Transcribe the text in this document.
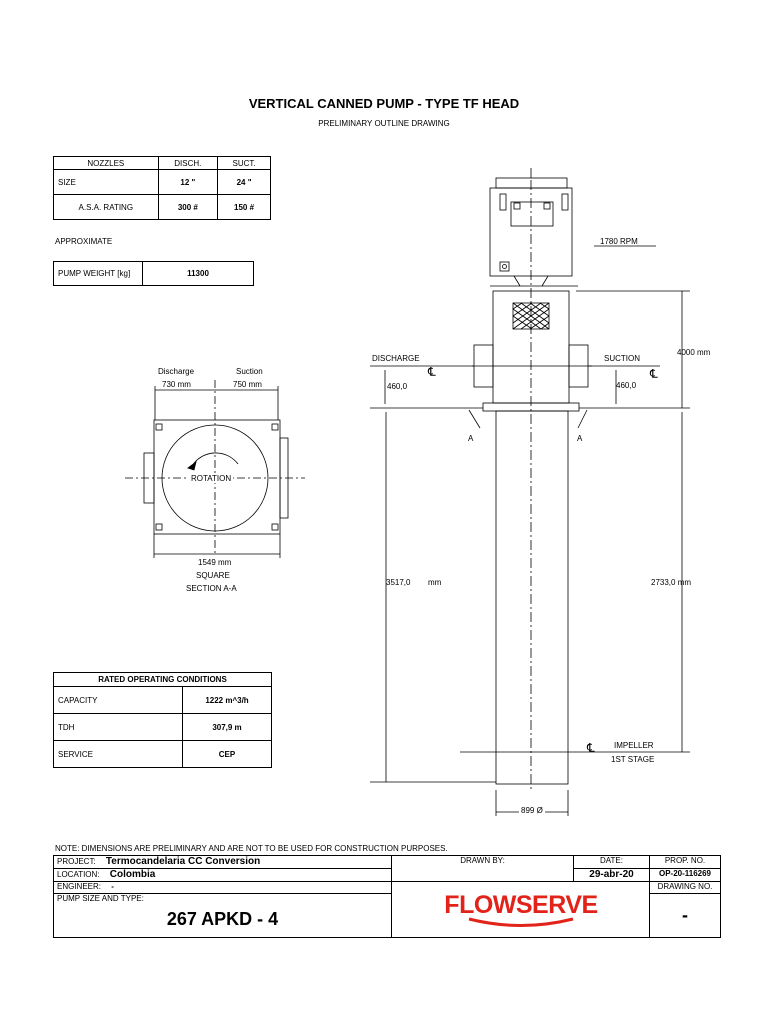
VERTICAL CANNED PUMP - TYPE TF HEAD
PRELIMINARY OUTLINE DRAWING
NOZZLES	DISCH.	SUCT.
SIZE	12 "	24 "
A.S.A. RATING	300 #	150 #
APPROXIMATE
PUMP WEIGHT [kg]	11300
Discharge
730 mm
Suction
750 mm
ROTATION
1549 mm
SQUARE
SECTION A-A
RATED OPERATING CONDITIONS	
CAPACITY	1222 m^3/h
TDH	307,9 m
SERVICE	CEP
1780 RPM
4000 mm
DISCHARGE	SUCTION
℄	℄
460,0	460,0
A	A
3517,0 mm	2733,0 mm
℄ IMPELLER
1ST STAGE
899 Ø
NOTE: DIMENSIONS ARE PRELIMINARY AND ARE NOT TO BE USED FOR CONSTRUCTION PURPOSES.
PROJECT: Termocandelaria CC Conversion	DRAWN BY:	DATE:	PROP. NO.
LOCATION: Colombia		29-abr-20	OP-20-116269
ENGINEER: -	FLOWSERVE		DRAWING NO.

PUMP SIZE AND TYPE:
267 APKD - 4			-
